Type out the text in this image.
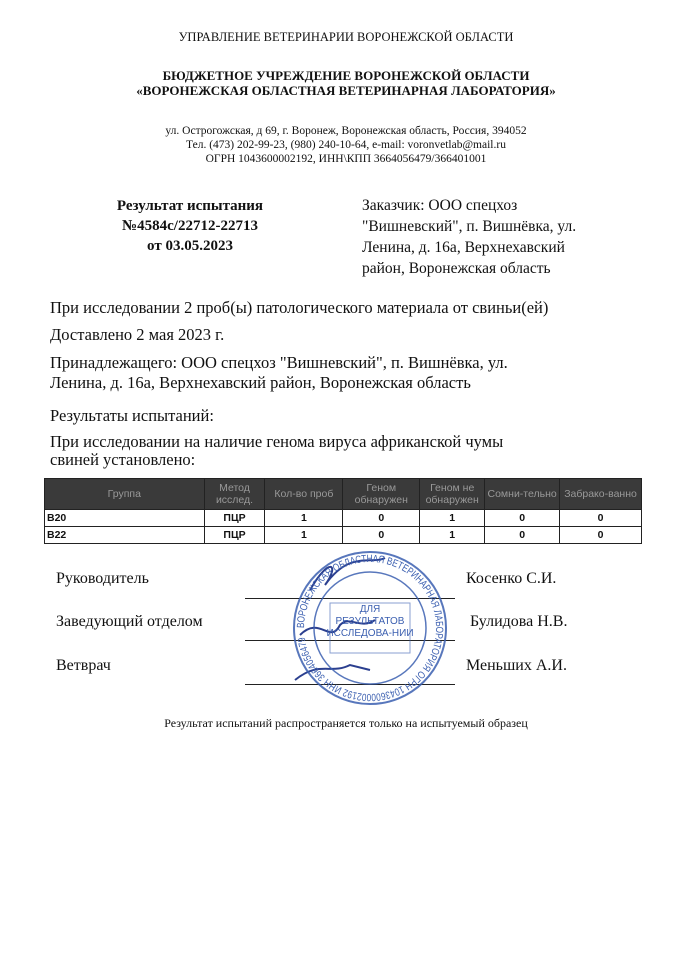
УПРАВЛЕНИЕ ВЕТЕРИНАРИИ ВОРОНЕЖСКОЙ ОБЛАСТИ
БЮДЖЕТНОЕ УЧРЕЖДЕНИЕ ВОРОНЕЖСКОЙ ОБЛАСТИ
«ВОРОНЕЖСКАЯ ОБЛАСТНАЯ ВЕТЕРИНАРНАЯ ЛАБОРАТОРИЯ»
ул. Острогожская, д 69, г. Воронеж, Воронежская область, Россия, 394052
Тел. (473) 202-99-23, (980) 240-10-64, e-mail: voronvetlab@mail.ru
ОГРН 1043600002192, ИНН\КПП 3664056479/366401001
Результат испытания
№4584с/22712-22713
от 03.05.2023
Заказчик: ООО спецхоз
"Вишневский", п. Вишнёвка, ул.
Ленина, д. 16а, Верхнехавский
район, Воронежская область
При исследовании 2 проб(ы) патологического материала от свиньи(ей)
Доставлено 2 мая 2023 г.
Принадлежащего: ООО спецхоз "Вишневский", п. Вишнёвка, ул.
Ленина, д. 16а, Верхнехавский район, Воронежская область
Результаты испытаний:
При исследовании на наличие генома вируса африканской чумы
свиней установлено:
Группа	Метод исслед.	Кол-во проб	Геном обнаружен	Геном не обнаружен	Сомни-тельно	Забрако-ванно
В20	ПЦР	1	0	1	0	0
В22	ПЦР	1	0	1	0	0
Руководитель	Косенко С.И.
Заведующий отделом	Булидова Н.В.
Ветврач	Меньших А.И.
ВОРОНЕЖСКАЯ ОБЛАСТНАЯ ВЕТЕРИНАРНАЯ ЛАБОРАТОРИЯ ОГРН 1043600002192 ИНН 3664056479
ДЛЯ РЕЗУЛЬТАТОВ ИССЛЕДОВА-НИИ
Результат испытаний распространяется только на испытуемый образец
